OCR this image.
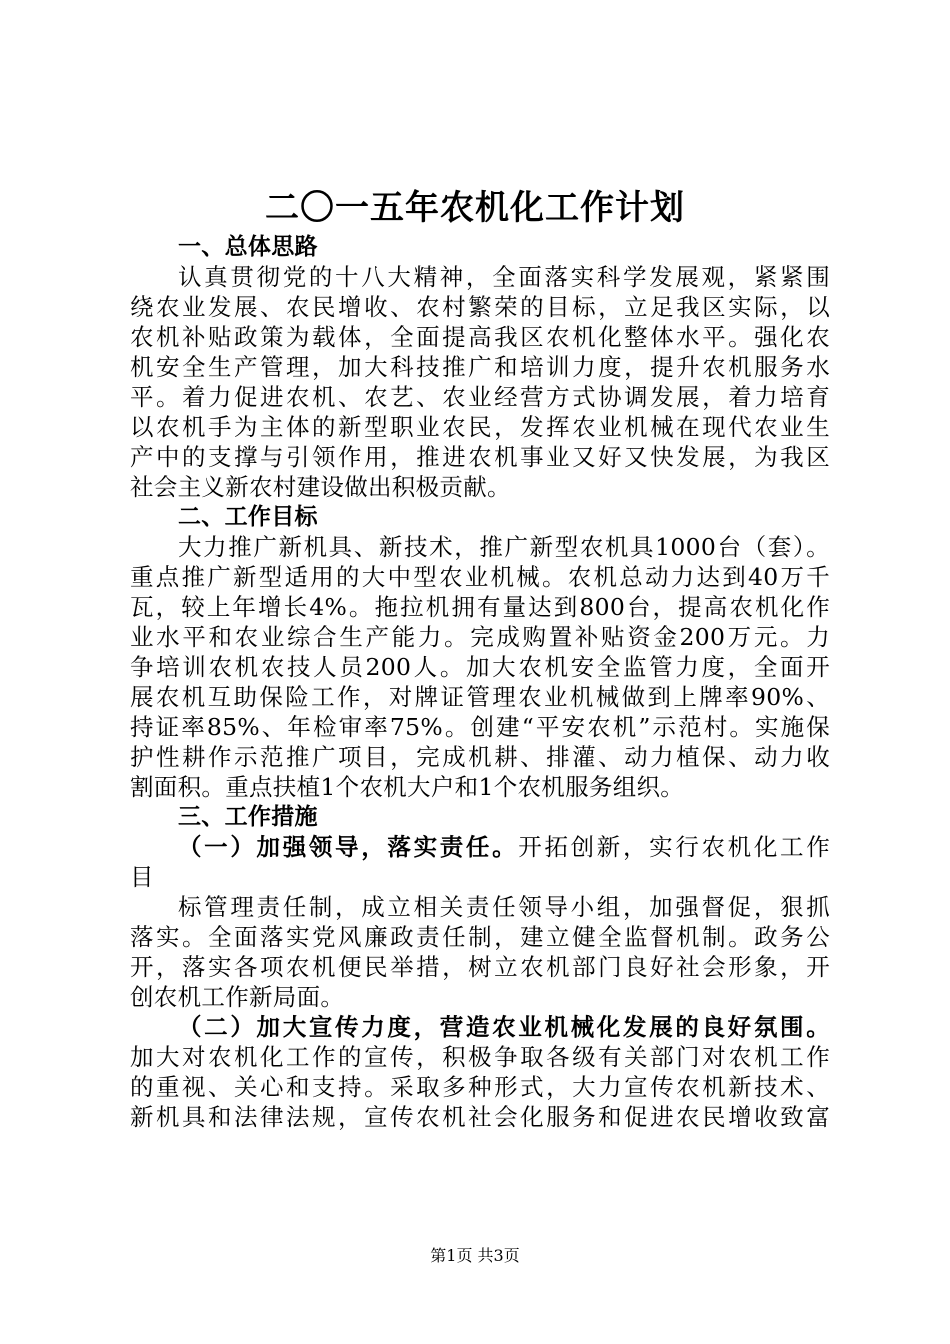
二〇一五年农机化工作计划
一、总体思路
认真贯彻党的十八大精神，全面落实科学发展观，紧紧围
绕农业发展、农民增收、农村繁荣的目标，立足我区实际，以
农机补贴政策为载体，全面提高我区农机化整体水平。强化农
机安全生产管理，加大科技推广和培训力度，提升农机服务水
平。着力促进农机、农艺、农业经营方式协调发展，着力培育
以农机手为主体的新型职业农民，发挥农业机械在现代农业生
产中的支撑与引领作用，推进农机事业又好又快发展，为我区
社会主义新农村建设做出积极贡献。
二、工作目标
大力推广新机具、新技术，推广新型农机具1000台（套）。
重点推广新型适用的大中型农业机械。农机总动力达到40万千
瓦，较上年增长4%。拖拉机拥有量达到800台，提高农机化作
业水平和农业综合生产能力。完成购置补贴资金200万元。力
争培训农机农技人员200人。加大农机安全监管力度，全面开
展农机互助保险工作，对牌证管理农业机械做到上牌率90%、
持证率85%、年检审率75%。创建“平安农机”示范村。实施保
护性耕作示范推广项目，完成机耕、排灌、动力植保、动力收
割面积。重点扶植1个农机大户和1个农机服务组织。
三、工作措施
（一）加强领导，落实责任。开拓创新，实行农机化工作
目
标管理责任制，成立相关责任领导小组，加强督促，狠抓
落实。全面落实党风廉政责任制，建立健全监督机制。政务公
开，落实各项农机便民举措，树立农机部门良好社会形象，开
创农机工作新局面。
（二）加大宣传力度，营造农业机械化发展的良好氛围。
加大对农机化工作的宣传，积极争取各级有关部门对农机工作
的重视、关心和支持。采取多种形式，大力宣传农机新技术、
新机具和法律法规，宣传农机社会化服务和促进农民增收致富
第1页 共3页
